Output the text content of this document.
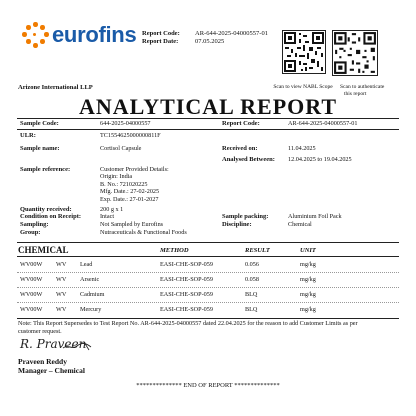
eurofins Report Code:
Report Date:
AR-644-2025-04000557-01
07.05.2025
Scan to view NABL Scope	Scan to authenticate
this report
Arizone International LLP
ANALYTICAL REPORT
Sample Code:	644-2025-04000557	Report Code:	AR-644-2025-04000557-01
ULR:	TC1554625000000811F
Sample name:	Cortisol Capsule	Received on:	11.04.2025
Analysed Between: 12.04.2025 to 19.04.2025
Sample reference:	Customer Provided Details:
Origin: India
B. No.: 721020225
Mfg. Date.: 27-02-2025
Exp. Date.: 27-01-2027
Quantity received:	200 g x 1
Condition on Receipt:	Intact	Sample packing:	Aluminium Foil Pack
Sampling:	Not Sampled by Eurofins	Discipline:	Chemical
Group:	Nutraceuticals & Functional Foods
CHEMICAL	METHOD	RESULT	UNIT
WV00W WV Lead	EASI-CHE-SOP-059	0.056	mg/kg
WV00W WV Arsenic	EASI-CHE-SOP-059	0.058	mg/kg
WV00W WV Cadmium	EASI-CHE-SOP-059	BLQ	mg/kg
WV00W WV Mercury	EASI-CHE-SOP-059	BLQ	mg/kg
Note: This Report Supersedes to Test Report No. AR-644-2025-04000557 dated 22.04.2025 for the reason to add Customer Limits as per
customer request.
R. Praveen
Praveen Reddy
Manager – Chemical
************** END OF REPORT **************
